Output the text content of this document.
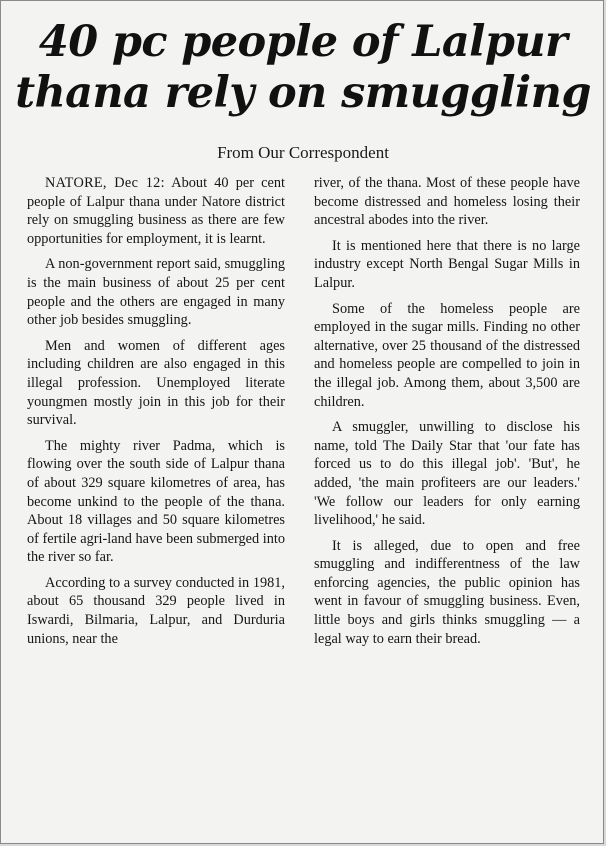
40 pc people of Lalpur
thana rely on smuggling
From Our Correspondent

NATORE, Dec 12: About 40 per cent people of Lalpur thana under Natore district rely on smuggling business as there are few opportunities for employment, it is learnt.

A non-government report said, smuggling is the main business of about 25 per cent people and the others are engaged in many other job besides smuggling.

Men and women of different ages including children are also engaged in this illegal profession. Unemployed literate youngmen mostly join in this job for their survival.

The mighty river Padma, which is flowing over the south side of Lalpur thana of about 329 square kilometres of area, has become unkind to the people of the thana. About 18 villages and 50 square kilometres of fertile agri-land have been submerged into the river so far.

According to a survey conducted in 1981, about 65 thousand 329 people lived in Iswardi, Bilmaria, Lalpur, and Durduria unions, near the

river, of the thana. Most of these people have become distressed and homeless losing their ancestral abodes into the river.

It is mentioned here that there is no large industry except North Bengal Sugar Mills in Lalpur.

Some of the homeless people are employed in the sugar mills. Finding no other alternative, over 25 thousand of the distressed and homeless people are compelled to join in the illegal job. Among them, about 3,500 are children.

A smuggler, unwilling to disclose his name, told The Daily Star that 'our fate has forced us to do this illegal job'. 'But', he added, 'the main profiteers are our leaders.' 'We follow our leaders for only earning livelihood,' he said.

It is alleged, due to open and free smuggling and indifferentness of the law enforcing agencies, the public opinion has went in favour of smuggling business. Even, little boys and girls thinks smuggling — a legal way to earn their bread.
